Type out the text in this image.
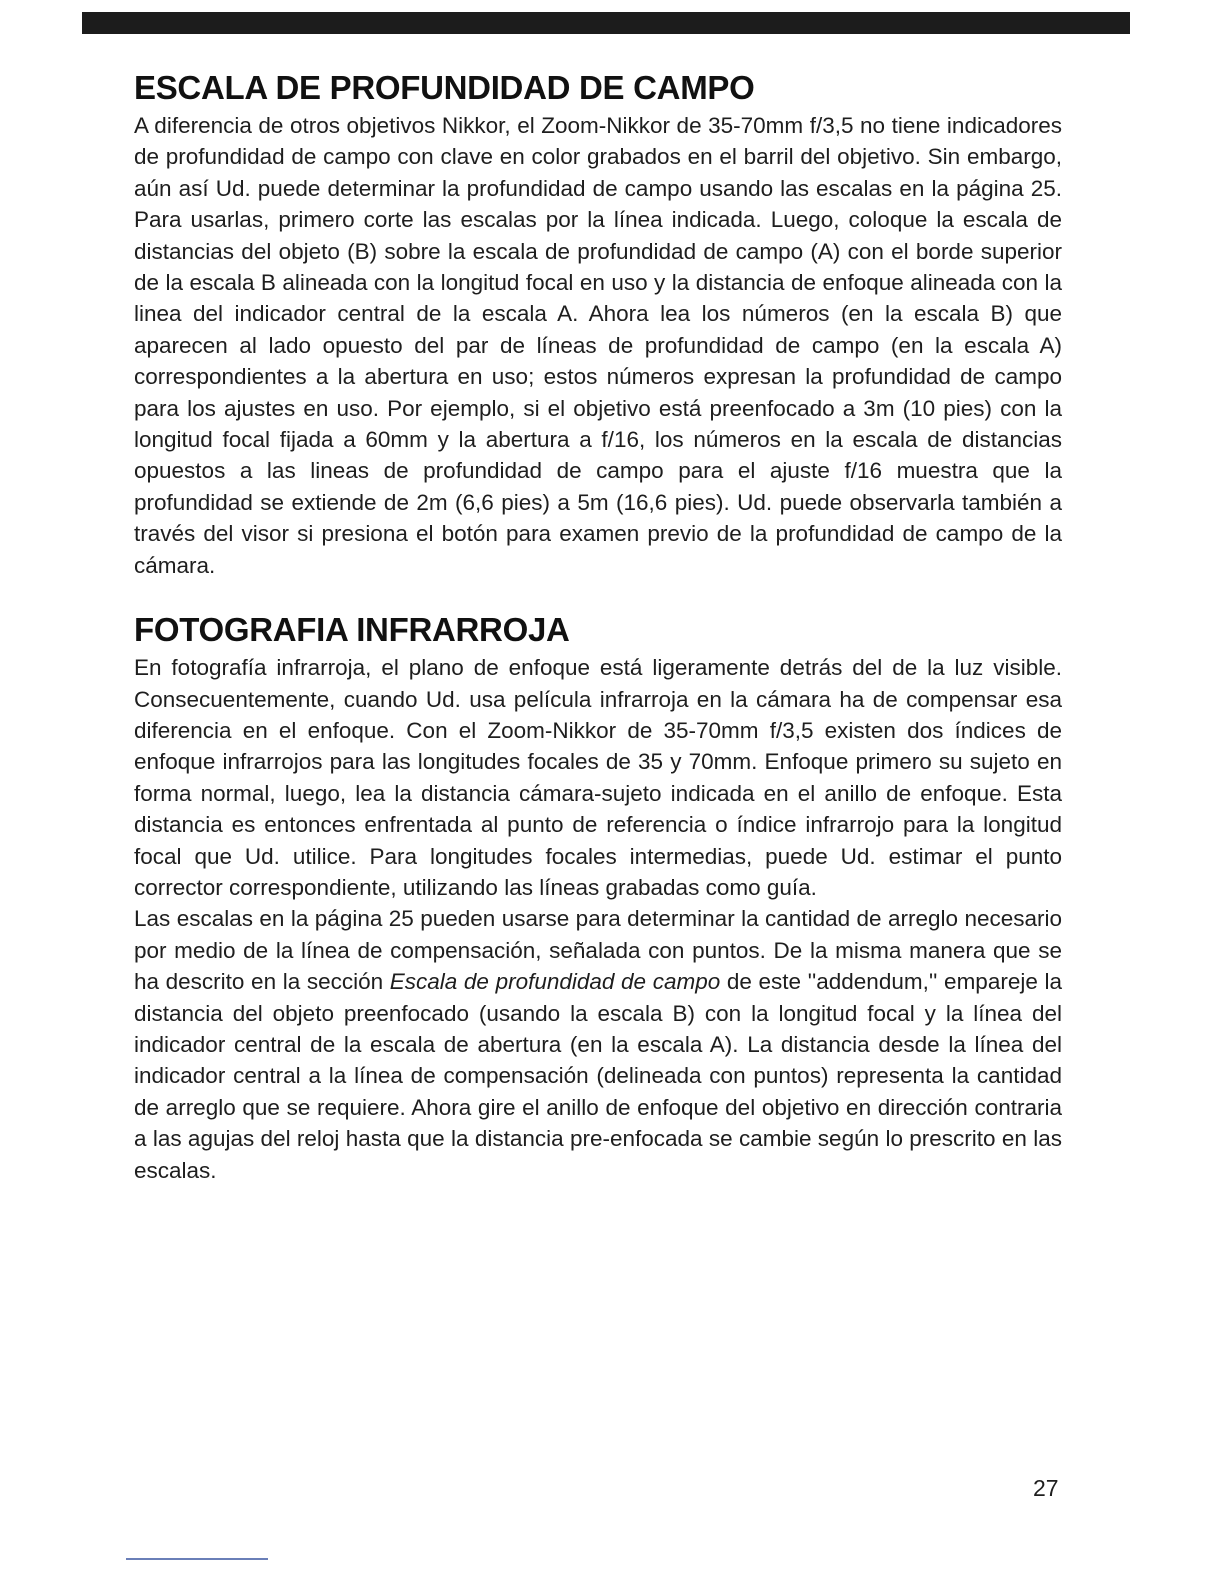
ESCALA DE PROFUNDIDAD DE CAMPO

A diferencia de otros objetivos Nikkor, el Zoom-Nikkor de 35-70mm f/3,5 no tiene indicadores de profundidad de campo con clave en color grabados en el barril del objetivo. Sin embargo, aún así Ud. puede determinar la profundidad de campo usando las escalas en la página 25. Para usarlas, primero corte las escalas por la línea indicada. Luego, coloque la escala de distancias del objeto (B) sobre la escala de profundidad de campo (A) con el borde superior de la escala B alineada con la longitud focal en uso y la distancia de enfoque alineada con la linea del indicador central de la escala A. Ahora lea los números (en la escala B) que aparecen al lado opuesto del par de líneas de profundidad de campo (en la escala A) correspondientes a la abertura en uso; estos números expresan la profundidad de campo para los ajustes en uso. Por ejemplo, si el objetivo está preenfocado a 3m (10 pies) con la longitud focal fijada a 60mm y la abertura a f/16, los números en la escala de distancias opuestos a las lineas de profundidad de campo para el ajuste f/16 muestra que la profundidad se extiende de 2m (6,6 pies) a 5m (16,6 pies). Ud. puede observarla también a través del visor si presiona el botón para examen previo de la profundidad de campo de la cámara.

FOTOGRAFIA INFRARROJA

En fotografía infrarroja, el plano de enfoque está ligeramente detrás del de la luz visible. Consecuentemente, cuando Ud. usa película infrarroja en la cámara ha de compensar esa diferencia en el enfoque. Con el Zoom-Nikkor de 35-70mm f/3,5 existen dos índices de enfoque infrarrojos para las longitudes focales de 35 y 70mm. Enfoque primero su sujeto en forma normal, luego, lea la distancia cámara-sujeto indicada en el anillo de enfoque. Esta distancia es entonces enfrentada al punto de referencia o índice infrarrojo para la longitud focal que Ud. utilice. Para longitudes focales intermedias, puede Ud. estimar el punto corrector correspondiente, utilizando las líneas grabadas como guía.

Las escalas en la página 25 pueden usarse para determinar la cantidad de arreglo necesario por medio de la línea de compensación, señalada con puntos. De la misma manera que se ha descrito en la sección Escala de profundidad de campo de este ''addendum,'' empareje la distancia del objeto preenfocado (usando la escala B) con la longitud focal y la línea del indicador central de la escala de abertura (en la escala A). La distancia desde la línea del indicador central a la línea de compensación (delineada con puntos) representa la cantidad de arreglo que se requiere. Ahora gire el anillo de enfoque del objetivo en dirección contraria a las agujas del reloj hasta que la distancia pre-enfocada se cambie según lo prescrito en las escalas.

27
